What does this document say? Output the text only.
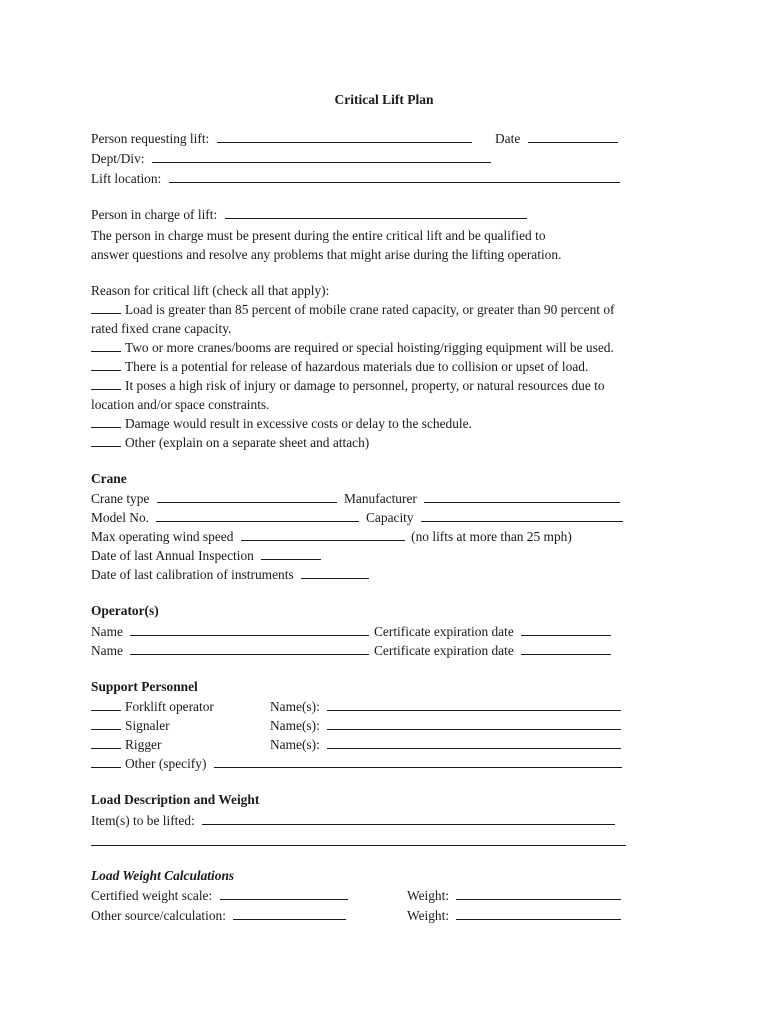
Critical Lift Plan
Person requesting lift:	Date
Dept/Div:
Lift location:
Person in charge of lift:
The person in charge must be present during the entire critical lift and be qualified to
answer questions and resolve any problems that might arise during the lifting operation.
Reason for critical lift (check all that apply):
Load is greater than 85 percent of mobile crane rated capacity, or greater than 90 percent of
rated fixed crane capacity.
Two or more cranes/booms are required or special hoisting/rigging equipment will be used.
There is a potential for release of hazardous materials due to collision or upset of load.
It poses a high risk of injury or damage to personnel, property, or natural resources due to
location and/or space constraints.
Damage would result in excessive costs or delay to the schedule.
Other (explain on a separate sheet and attach)
Crane
Crane type	Manufacturer
Model No.	Capacity
Max operating wind speed	(no lifts at more than 25 mph)
Date of last Annual Inspection
Date of last calibration of instruments
Operator(s)
Name	Certificate expiration date
Name	Certificate expiration date
Support Personnel
Forklift operator	Name(s):
Signaler	Name(s):
Rigger	Name(s):
Other (specify)
Load Description and Weight
Item(s) to be lifted:
Load Weight Calculations
Certified weight scale:	Weight:
Other source/calculation:	Weight:
